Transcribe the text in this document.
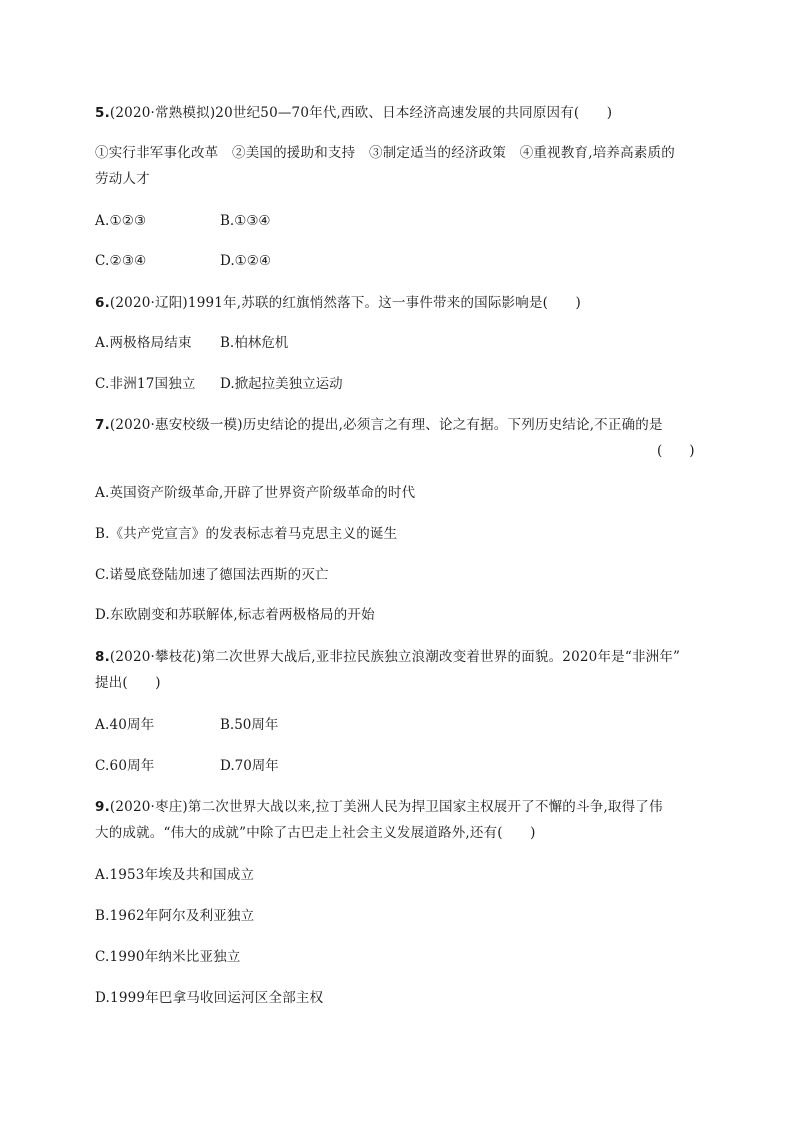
5.(2020·常熟模拟)20世纪50—70年代,西欧、日本经济高速发展的共同原因有(　　)
①实行非军事化改革　②美国的援助和支持　③制定适当的经济政策　④重视教育,培养高素质的
劳动人才
A.①②③	B.①③④
C.②③④	D.①②④
6.(2020·辽阳)1991年,苏联的红旗悄然落下。这一事件带来的国际影响是(　　)
A.两极格局结束 B.柏林危机
C.非洲17国独立 D.掀起拉美独立运动
7.(2020·惠安校级一模)历史结论的提出,必须言之有理、论之有据。下列历史结论,不正确的是
(　　)
A.英国资产阶级革命,开辟了世界资产阶级革命的时代
B.《共产党宣言》的发表标志着马克思主义的诞生
C.诺曼底登陆加速了德国法西斯的灭亡
D.东欧剧变和苏联解体,标志着两极格局的开始
8.(2020·攀枝花)第二次世界大战后,亚非拉民族独立浪潮改变着世界的面貌。2020年是“非洲年”
提出(　　)
A.40周年	B.50周年
C.60周年	D.70周年
9.(2020·枣庄)第二次世界大战以来,拉丁美洲人民为捍卫国家主权展开了不懈的斗争,取得了伟
大的成就。“伟大的成就”中除了古巴走上社会主义发展道路外,还有(　　)
A.1953年埃及共和国成立
B.1962年阿尔及利亚独立
C.1990年纳米比亚独立
D.1999年巴拿马收回运河区全部主权
